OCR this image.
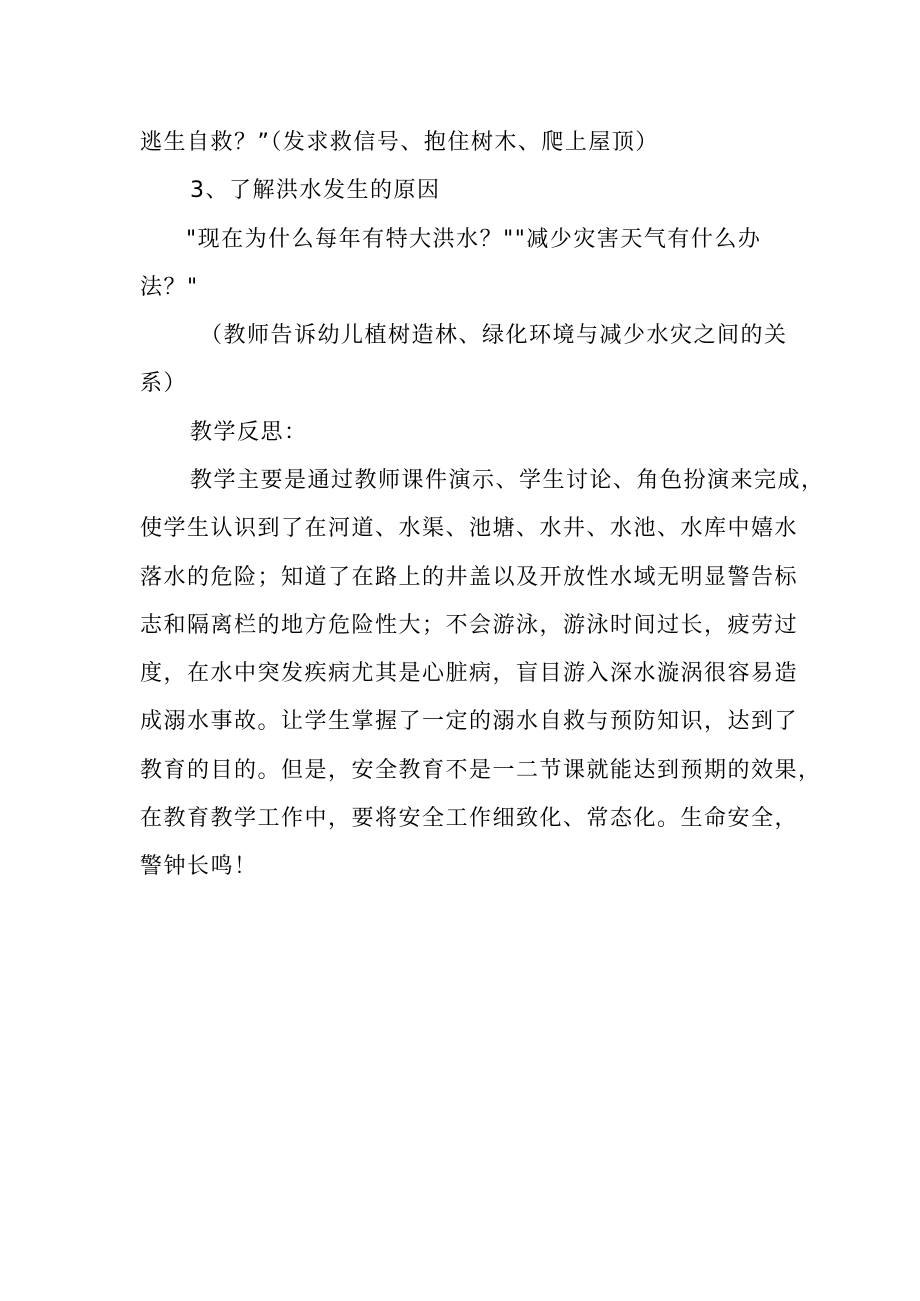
逃生自救？”（发求救信号、抱住树木、爬上屋顶）
3、了解洪水发生的原因
"现在为什么每年有特大洪水？""减少灾害天气有什么办
法？"
（教师告诉幼儿植树造林、绿化环境与减少水灾之间的关
系）
教学反思：
教学主要是通过教师课件演示、学生讨论、角色扮演来完成，
使学生认识到了在河道、水渠、池塘、水井、水池、水库中嬉水
落水的危险；知道了在路上的井盖以及开放性水域无明显警告标
志和隔离栏的地方危险性大；不会游泳，游泳时间过长，疲劳过
度，在水中突发疾病尤其是心脏病，盲目游入深水漩涡很容易造
成溺水事故。让学生掌握了一定的溺水自救与预防知识，达到了
教育的目的。但是，安全教育不是一二节课就能达到预期的效果，
在教育教学工作中，要将安全工作细致化、常态化。生命安全，
警钟长鸣！
